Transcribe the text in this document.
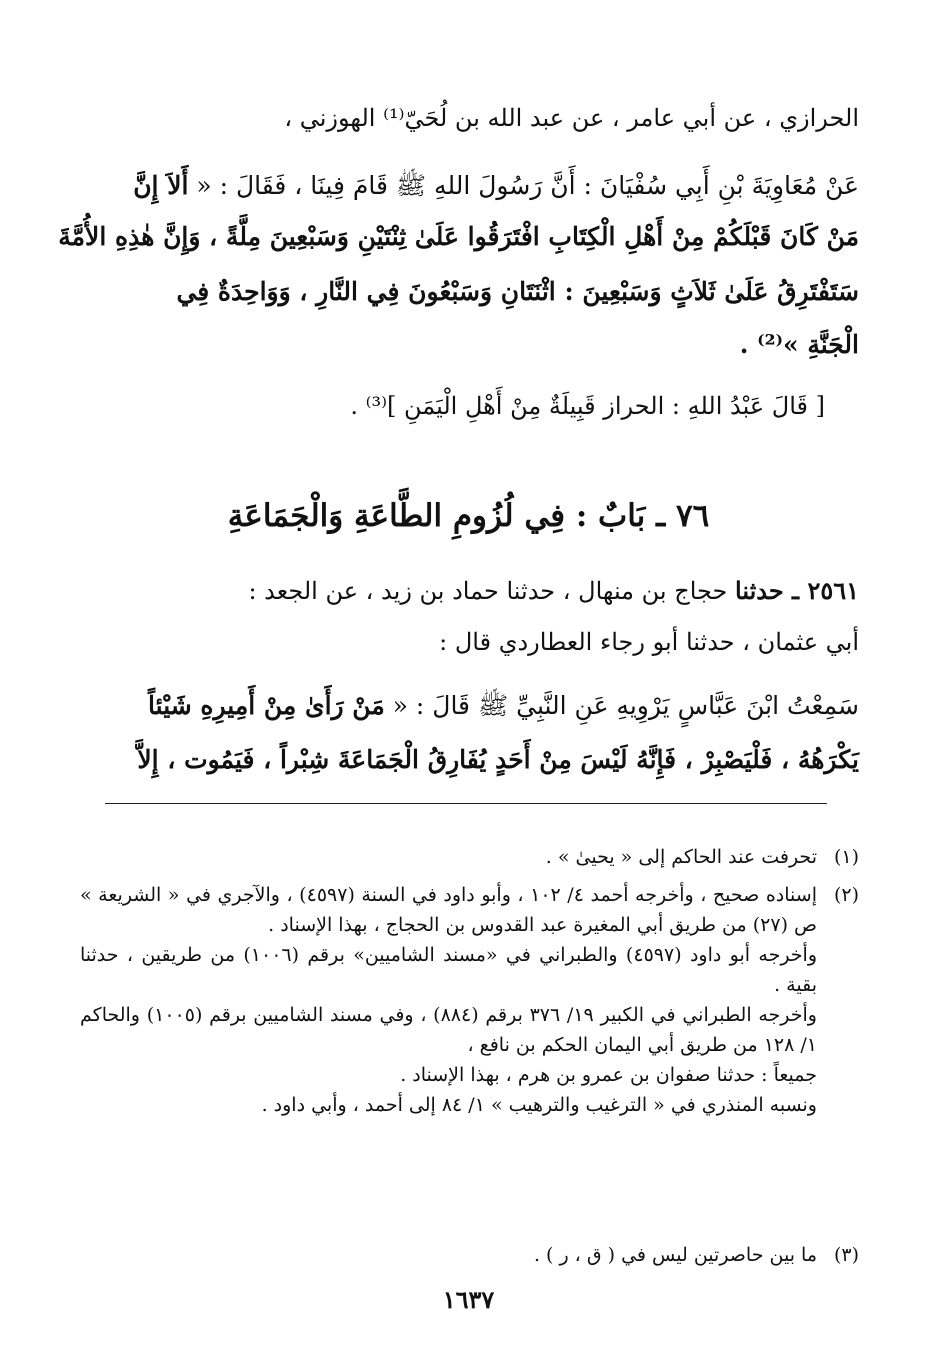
الحرازي ، عن أبي عامر ، عن عبد الله بن لُحَيّ⁽¹⁾ الهوزني ،
عَنْ مُعَاوِيَةَ بْنِ أَبِي سُفْيَانَ : أَنَّ رَسُولَ اللهِ ﷺ قَامَ فِينَا ، فَقَالَ : « أَلاَ إِنَّ
مَنْ كَانَ قَبْلَكُمْ مِنْ أَهْلِ الْكِتَابِ افْتَرَقُوا عَلَىٰ ثِنْتَيْنِ وَسَبْعِينَ مِلَّةً ، وَإِنَّ هٰذِهِ الأُمَّةَ
سَتَفْتَرِقُ عَلَىٰ ثَلاَثٍ وَسَبْعِينَ : اثْنَتَانِ وَسَبْعُونَ فِي النَّارِ ، وَوَاحِدَةٌ فِي
الْجَنَّةِ »⁽²⁾ .
[ قَالَ عَبْدُ اللهِ : الحراز قَبِيلَةٌ مِنْ أَهْلِ الْيَمَنِ ]⁽³⁾ .
٧٦ ـ بَابٌ : فِي لُزُومِ الطَّاعَةِ وَالْجَمَاعَةِ
٢٥٦١ ـ حدثنا حجاج بن منهال ، حدثنا حماد بن زيد ، عن الجعد :
أبي عثمان ، حدثنا أبو رجاء العطاردي قال :
سَمِعْتُ ابْنَ عَبَّاسٍ يَرْوِيهِ عَنِ النَّبِيِّ ﷺ قَالَ : « مَنْ رَأَىٰ مِنْ أَمِيرِهِ شَيْئاً
يَكْرَهُهُ ، فَلْيَصْبِرْ ، فَإِنَّهُ لَيْسَ مِنْ أَحَدٍ يُفَارِقُ الْجَمَاعَةَ شِبْراً ، فَيَمُوت ، إِلاَّ
(١)

تحرفت عند الحاكم إلى « يحيىٰ » .

(٢)

إسناده صحيح ، وأخرجه أحمد ٤/ ١٠٢ ، وأبو داود في السنة (٤٥٩٧) ، والآجري في « الشريعة » ص (٢٧) من طريق أبي المغيرة عبد القدوس بن الحجاج ، بهذا الإسناد .

وأخرجه أبو داود (٤٥٩٧) والطبراني في «مسند الشاميين» برقم (١٠٠٦) من طريقين ، حدثنا بقية .

وأخرجه الطبراني في الكبير ١٩/ ٣٧٦ برقم (٨٨٤) ، وفي مسند الشاميين برقم (١٠٠٥) والحاكم ١/ ١٢٨ من طريق أبي اليمان الحكم بن نافع ،

جميعاً : حدثنا صفوان بن عمرو بن هرم ، بهذا الإسناد .

ونسبه المنذري في « الترغيب والترهيب » ١/ ٨٤ إلى أحمد ، وأبي داود .

(٣)

ما بين حاصرتين ليس في ( ق ، ر ) .

١٦٣٧
